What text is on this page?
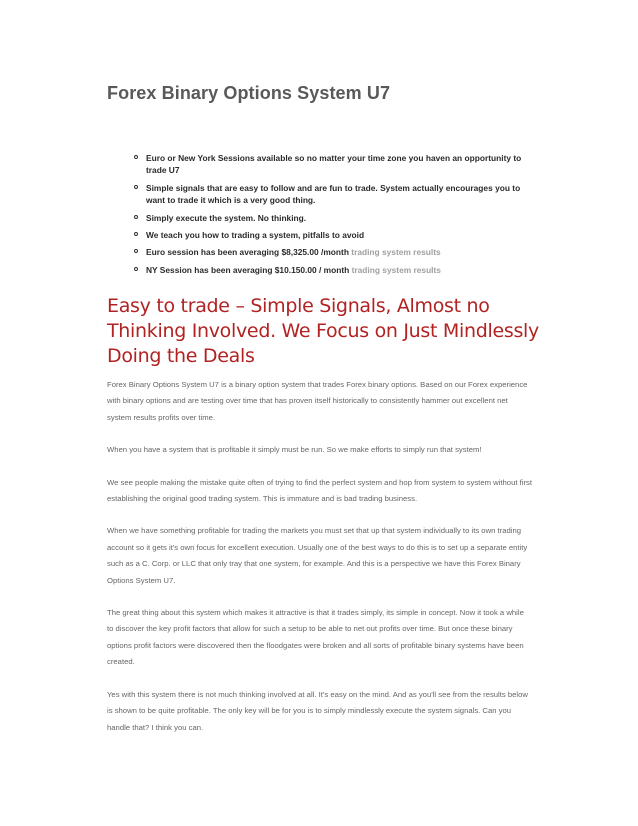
Forex Binary Options System U7
Euro or New York Sessions available so no matter your time zone you haven an opportunity to trade U7
Simple signals that are easy to follow and are fun to trade. System actually encourages you to want to trade it which is a very good thing.
Simply execute the system. No thinking.
We teach you how to trading a system, pitfalls to avoid
Euro session has been averaging $8,325.00 /month trading system results
NY Session has been averaging $10.150.00 / month trading system results
Easy to trade – Simple Signals, Almost no Thinking Involved. We Focus on Just Mindlessly Doing the Deals

Forex Binary Options System U7 is a binary option system that trades Forex binary options. Based on our Forex experience with binary options and are testing over time that has proven itself historically to consistently hammer out excellent net system results profits over time.

When you have a system that is profitable it simply must be run. So we make efforts to simply run that system!

We see people making the mistake quite often of trying to find the perfect system and hop from system to system without first establishing the original good trading system. This is immature and is bad trading business.

When we have something profitable for trading the markets you must set that up that system individually to its own trading account so it gets it's own focus for excellent execution. Usually one of the best ways to do this is to set up a separate entity such as a C. Corp. or LLC that only tray that one system, for example. And this is a perspective we have this Forex Binary Options System U7.

The great thing about this system which makes it attractive is that it trades simply, its simple in concept. Now it took a while to discover the key profit factors that allow for such a setup to be able to net out profits over time. But once these binary options profit factors were discovered then the floodgates were broken and all sorts of profitable binary systems have been created.

Yes with this system there is not much thinking involved at all. It's easy on the mind. And as you'll see from the results below is shown to be quite profitable. The only key will be for you is to simply mindlessly execute the system signals. Can you handle that? I think you can.
